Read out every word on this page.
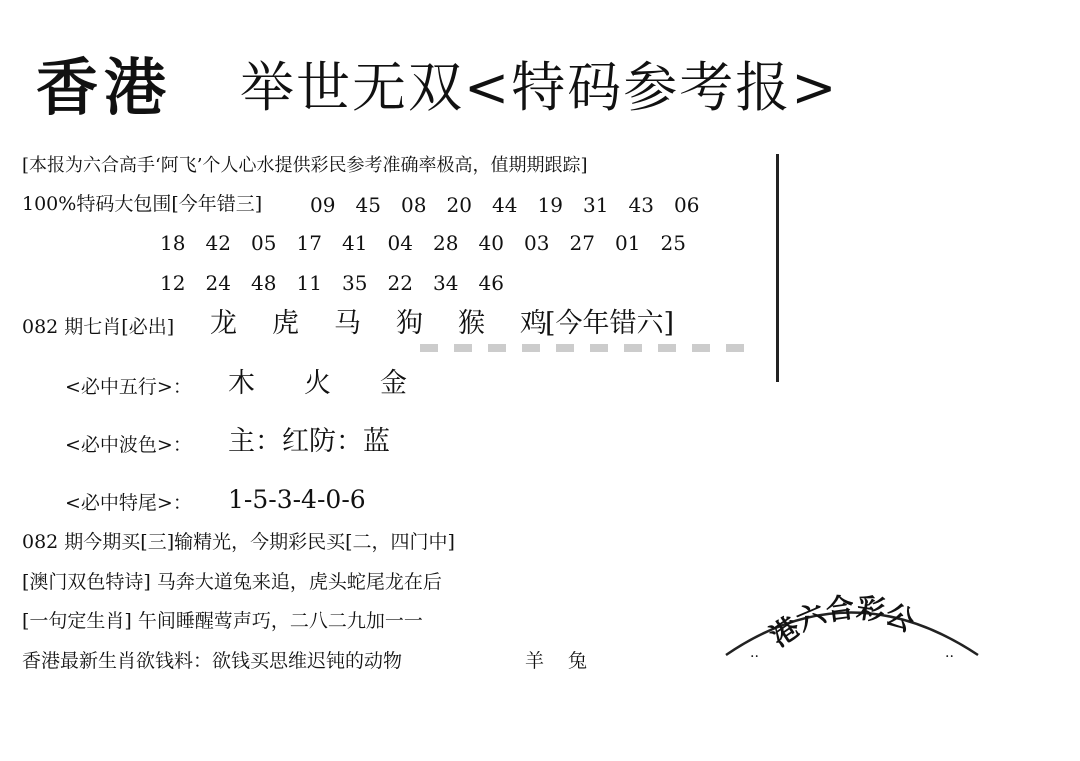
香港 举世无双<特码参考报>
[本报为六合高手‘阿飞’个人心水提供彩民参考准确率极高，值期期跟踪]
100%特码大包围[今年错三]	09 45 08 20 44 19 31 43 06
18 42 05 17 41 04 28 40 03 27 01 25
12 24 48 11 35 22 34 46
082 期七肖[必出] 龙 虎 马 狗 猴 鸡
[今年错六]
<必中五行>： 木 火 金
<必中波色>： 主：红防：蓝
<必中特尾>： 1-5-3-4-0-6
082 期今期买[三]输精光，今期彩民买[二，四门中]
[澳门双色特诗] 马奔大道兔来追，虎头蛇尾龙在后
[一句定生肖] 午间睡醒莺声巧，二八二九加一一
香港最新生肖欲钱料：欲钱买思维迟钝的动物	羊 兔
港六合彩公
..	..
